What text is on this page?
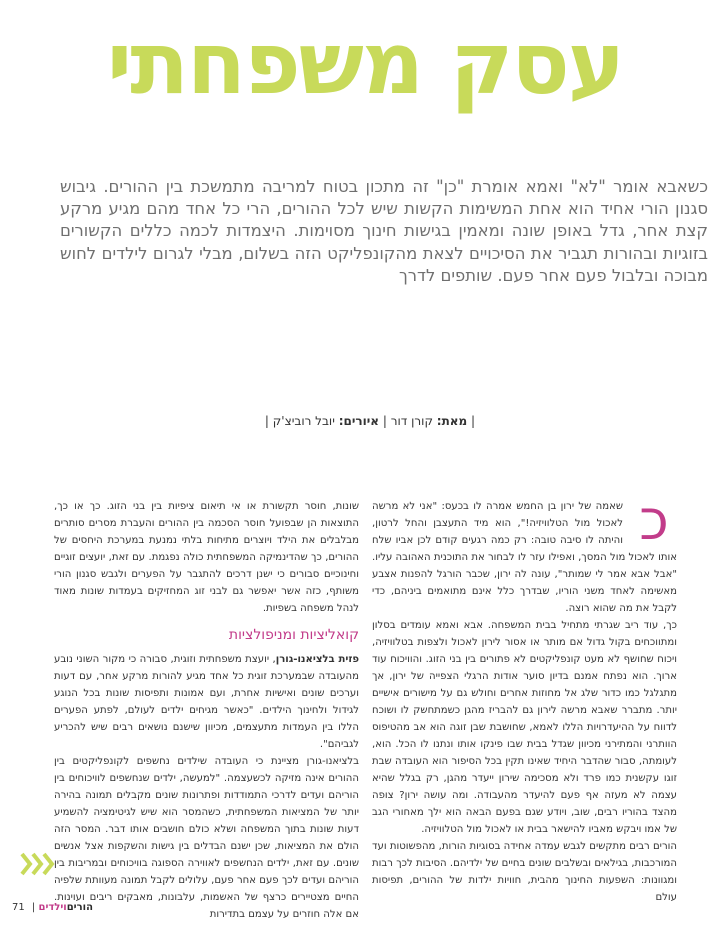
עסק משפחתי
כשאבא אומר "לא" ואמא אומרת "כן" זה מתכון בטוח למריבה מתמשכת בין ההורים. גיבוש סגנון הורי אחיד הוא אחת המשימות הקשות שיש לכל ההורים, הרי כל אחד מהם מגיע מרקע קצת אחר, גדל באופן שונה ומאמין בגישות חינוך מסוימות. היצמדות לכמה כללים הקשורים בזוגיות ובהורות תגביר את הסיכויים לצאת מהקונפליקט הזה בשלום, מבלי לגרום לילדים לחוש מבוכה ובלבול פעם אחר פעם. שותפים לדרך
| מאת: קורן דור | איורים: יובל רוביצ'ק |
כ

שאמה של ירון בן החמש אמרה לו בכעס: "אני לא מרשה לאכול מול הטלוויזיה!", הוא מיד התעצבן והחל לרטון, והיתה לו סיבה טובה: רק כמה רגעים קודם לכן אביו שלח אותו לאכול מול המסך, ואפילו עזר לו לבחור את התוכנית האהובה עליו. "אבל אבא אמר לי שמותר", עונה לה ירון, שכבר הורגל להפנות אצבע מאשימה לאחד משני הוריו, שבדרך כלל אינם מתואמים ביניהם, כדי לקבל את מה שהוא רוצה.

כך, עוד ריב שגרתי מתחיל בבית המשפחה. אבא ואמא עומדים בסלון ומתווכחים בקול גדול אם מותר או אסור לירון לאכול ולצפות בטלוויזיה, ויכוח שחושף לא מעט קונפליקטים לא פתורים בין בני הזוג. והוויכוח עוד ארוך. הוא נפתח אמנם בדיון סוער אודות הרגלי הצפייה של ירון, אך מתגלגל כמו כדור שלג אל מחוזות אחרים וחולש גם על מישורים אישיים יותר. מתברר שאבא מרשה לירון גם להבריז מהגן כשמתחשק לו ושוכח לדווח על ההיעדרויות הללו לאמא, שחושבת שבן זוגה הוא אב מהטיפוס הוותרני והמתירני מכיוון שגדל בבית שבו פינקו אותו ונתנו לו הכל. הוא, לעומתה, סבור שהדבר היחיד שאינו תקין בכל הסיפור הוא העובדה שבת זוגו עקשנית כמו פרד ולא מסכימה שירון ייעדר מהגן, רק בגלל שהיא עצמה לא מעזה אף פעם להיעדר מהעבודה. ומה עושה ירון? צופה מהצד בהוריו רבים, שוב, ויודע שגם בפעם הבאה הוא ילך מאחורי הגב של אמו ויבקש מאביו להישאר בבית או לאכול מול הטלוויזיה.

הורים רבים מתקשים לגבש עמדה אחידה בסוגיות הורות, מהפשוטות ועד המורכבות, בגילאים ובשלבים שונים בחיים של ילדיהם. הסיבות לכך רבות ומגוונות: השפעות החינוך מהבית, חוויות ילדות של ההורים, תפיסות עולם

שונות, חוסר תקשורת או אי תיאום ציפיות בין בני הזוג. כך או כך, התוצאות הן שבפועל חוסר הסכמה בין ההורים והעברת מסרים סותרים מבלבלים את הילד ויוצרים מתיחות בלתי נמנעת במערכת היחסים של ההורים, כך שהדינמיקה המשפחתית כולה נפגמת. עם זאת, יועצים זוגיים וחינוכיים סבורים כי ישנן דרכים להתגבר על הפערים ולגבש סגנון הורי משותף, כזה אשר יאפשר גם לבני זוג המחזיקים בעמדות שונות מאוד לנהל משפחה בשפיות.

קואליציות ומניפולציות

פזית בלציאנו-גורן, יועצת משפחתית וזוגית, סבורה כי מקור השוני נובע מהעובדה שבמערכת זוגית כל אחד מגיע להורות מרקע אחר, עם דעות וערכים שונים ואישיות אחרת, ועם אמונות ותפיסות שונות בכל הנוגע לגידול ולחינוך הילדים. "כאשר מגיחים ילדים לעולם, לפתע הפערים הללו בין העמדות מתעצמים, מכיוון שישנם נושאים רבים שיש להכריע לגביהם".

בלציאנו-גורן מציינת כי העובדה שילדים נחשפים לקונפליקטים בין ההורים אינה מזיקה לכשעצמה. "למעשה, ילדים שנחשפים לוויכוחים בין הוריהם ועדים לדרכי התמודדות ופתרונות שונים מקבלים תמונה בהירה יותר של המציאות המשפחתית, כשהמסר הוא שיש לגיטימציה להשמיע דעות שונות בתוך המשפחה ושלא כולם חושבים אותו דבר. המסר הזה הולם את המציאות, שכן ישנם הבדלים בין גישות והשקפות אצל אנשים שונים. עם זאת, ילדים הנחשפים לאווירה הספוגה בוויכוחים ובמריבות בין הוריהם ועדים לכך פעם אחר פעם, עלולים לקבל תמונה מעוותת שלפיה החיים מצטיירים כרצף של האשמות, עלבונות, מאבקים ריבים ועוינות. אם אלה חוזרים על עצמם בתדירות

71 |	הוריםוילדים
